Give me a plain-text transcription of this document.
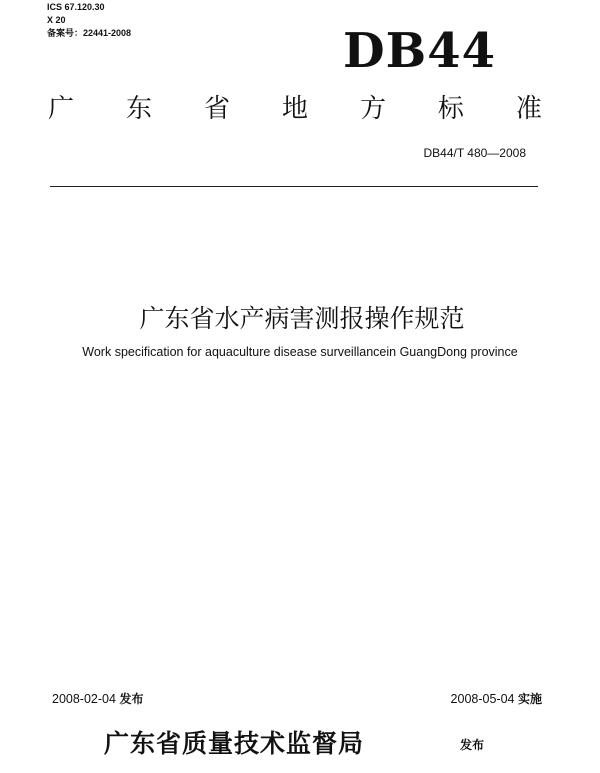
ICS 67.120.30
X 20
备案号：22441-2008	DB44
广 东 省 地 方 标 准
DB44/T 480—2008
广东省水产病害测报操作规范
Work specification for aquaculture disease surveillancein GuangDong province
2008-02-04 发布	2008-05-04 实施
广东省质量技术监督局	发布
